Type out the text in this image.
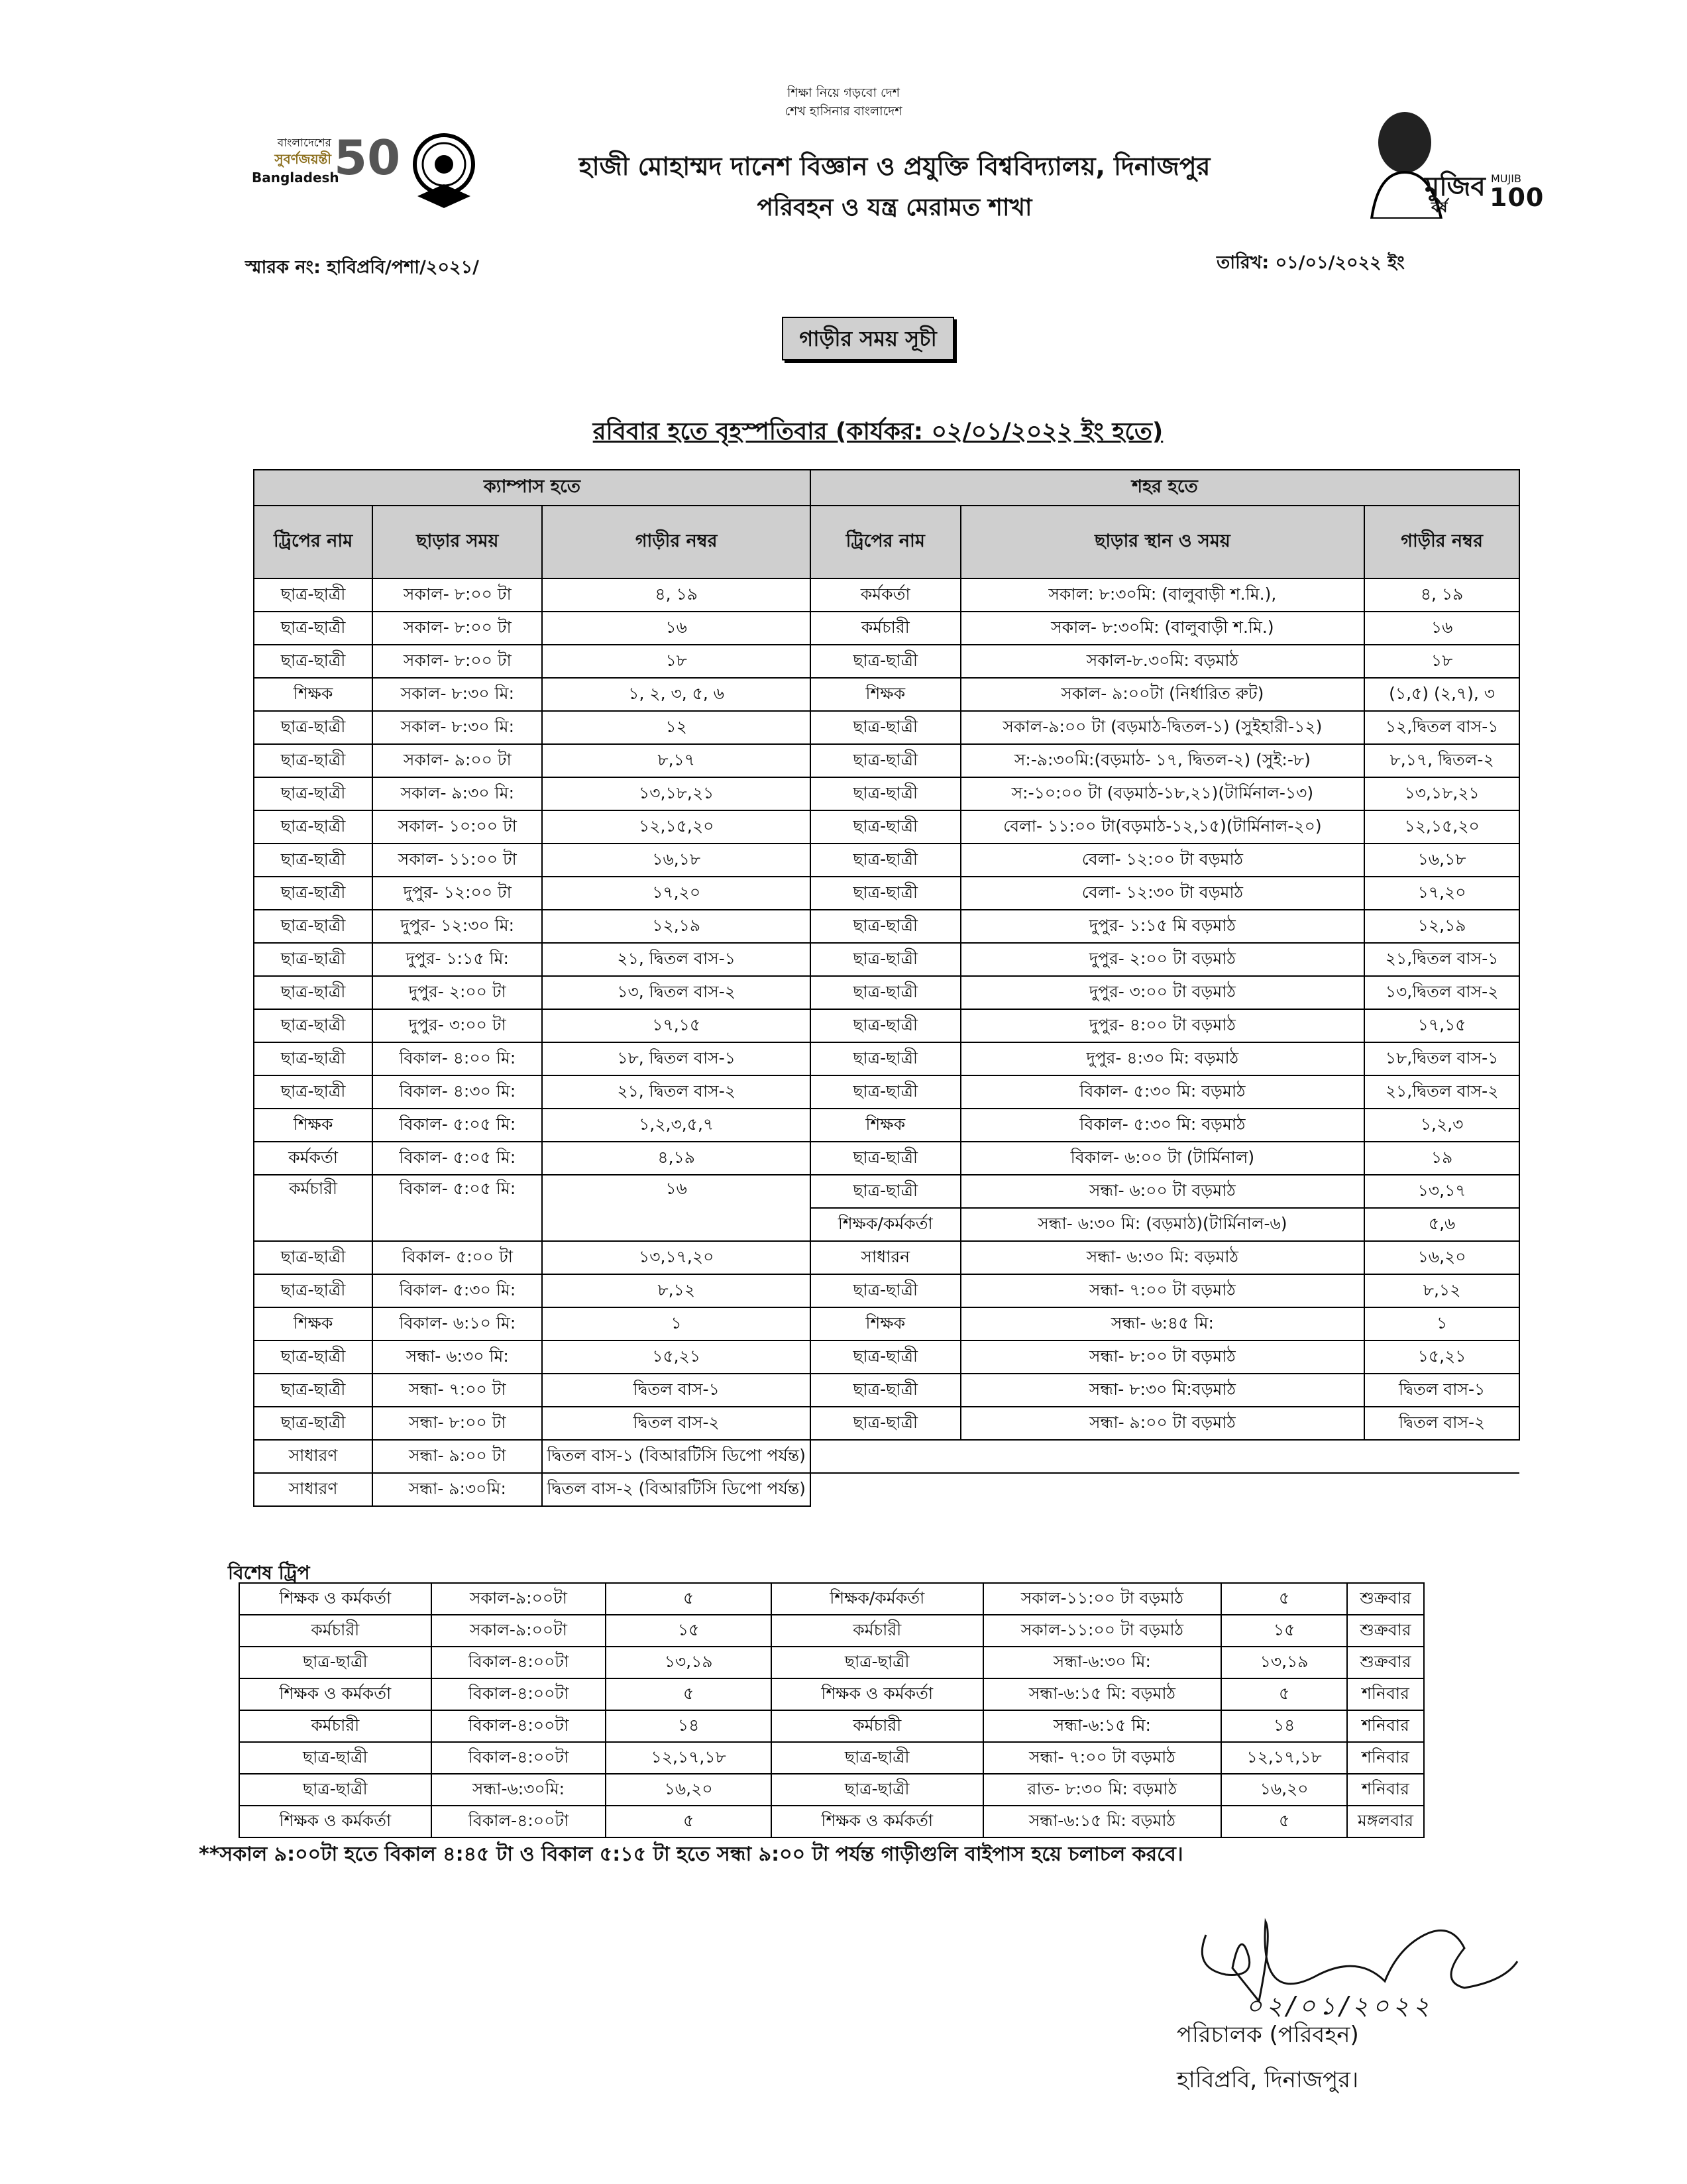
শিক্ষা নিয়ে গড়বো দেশ
শেখ হাসিনার বাংলাদেশ
বাংলাদেশের
সুবর্ণজয়ন্তী
Bangladesh
50	হাজী মোহাম্মদ দানেশ বিজ্ঞান ও প্রযুক্তি বিশ্ববিদ্যালয়, দিনাজপুর
পরিবহন ও যন্ত্র মেরামত শাখা
মুজিব
বর্ষ
MUJIB
100
স্মারক নং: হাবিপ্রবি/পশা/২০২১/	তারিখ: ০১/০১/২০২২ ইং
গাড়ীর সময় সূচী
রবিবার হতে বৃহস্পতিবার (কার্যকর: ০২/০১/২০২২ ইং হতে)
ক্যাম্পাস হতে			শহর হতে		
ট্রিপের নাম	ছাড়ার সময়	গাড়ীর নম্বর	ট্রিপের নাম	ছাড়ার স্থান ও সময়	গাড়ীর নম্বর
ছাত্র-ছাত্রী	সকাল- ৮:০০ টা	৪, ১৯	কর্মকর্তা	সকাল: ৮:৩০মি: (বালুবাড়ী শ.মি.),	৪, ১৯
ছাত্র-ছাত্রী	সকাল- ৮:০০ টা	১৬	কর্মচারী	সকাল- ৮:৩০মি: (বালুবাড়ী শ.মি.)	১৬
ছাত্র-ছাত্রী	সকাল- ৮:০০ টা	১৮	ছাত্র-ছাত্রী	সকাল-৮.৩০মি: বড়মাঠ	১৮
শিক্ষক	সকাল- ৮:৩০ মি:	১, ২, ৩, ৫, ৬	শিক্ষক	সকাল- ৯:০০টা (নির্ধারিত রুট)	(১,৫) (২,৭), ৩
ছাত্র-ছাত্রী	সকাল- ৮:৩০ মি:	১২	ছাত্র-ছাত্রী	সকাল-৯:০০ টা (বড়মাঠ-দ্বিতল-১) (সুইহারী-১২)	১২,দ্বিতল বাস-১
ছাত্র-ছাত্রী	সকাল- ৯:০০ টা	৮,১৭	ছাত্র-ছাত্রী	স:-৯:৩০মি:(বড়মাঠ- ১৭, দ্বিতল-২) (সুই:-৮)	৮,১৭, দ্বিতল-২
ছাত্র-ছাত্রী	সকাল- ৯:৩০ মি:	১৩,১৮,২১	ছাত্র-ছাত্রী	স:-১০:০০ টা (বড়মাঠ-১৮,২১)(টার্মিনাল-১৩)	১৩,১৮,২১
ছাত্র-ছাত্রী	সকাল- ১০:০০ টা	১২,১৫,২০	ছাত্র-ছাত্রী	বেলা- ১১:০০ টা(বড়মাঠ-১২,১৫)(টার্মিনাল-২০)	১২,১৫,২০
ছাত্র-ছাত্রী	সকাল- ১১:০০ টা	১৬,১৮	ছাত্র-ছাত্রী	বেলা- ১২:০০ টা বড়মাঠ	১৬,১৮
ছাত্র-ছাত্রী	দুপুর- ১২:০০ টা	১৭,২০	ছাত্র-ছাত্রী	বেলা- ১২:৩০ টা বড়মাঠ	১৭,২০
ছাত্র-ছাত্রী	দুপুর- ১২:৩০ মি:	১২,১৯	ছাত্র-ছাত্রী	দুপুর- ১:১৫ মি বড়মাঠ	১২,১৯
ছাত্র-ছাত্রী	দুপুর- ১:১৫ মি:	২১, দ্বিতল বাস-১	ছাত্র-ছাত্রী	দুপুর- ২:০০ টা বড়মাঠ	২১,দ্বিতল বাস-১
ছাত্র-ছাত্রী	দুপুর- ২:০০ টা	১৩, দ্বিতল বাস-২	ছাত্র-ছাত্রী	দুপুর- ৩:০০ টা বড়মাঠ	১৩,দ্বিতল বাস-২
ছাত্র-ছাত্রী	দুপুর- ৩:০০ টা	১৭,১৫	ছাত্র-ছাত্রী	দুপুর- ৪:০০ টা বড়মাঠ	১৭,১৫
ছাত্র-ছাত্রী	বিকাল- ৪:০০ মি:	১৮, দ্বিতল বাস-১	ছাত্র-ছাত্রী	দুপুর- ৪:৩০ মি: বড়মাঠ	১৮,দ্বিতল বাস-১
ছাত্র-ছাত্রী	বিকাল- ৪:৩০ মি:	২১, দ্বিতল বাস-২	ছাত্র-ছাত্রী	বিকাল- ৫:৩০ মি: বড়মাঠ	২১,দ্বিতল বাস-২
শিক্ষক	বিকাল- ৫:০৫ মি:	১,২,৩,৫,৭	শিক্ষক	বিকাল- ৫:৩০ মি: বড়মাঠ	১,২,৩
কর্মকর্তা	বিকাল- ৫:০৫ মি:	৪,১৯	ছাত্র-ছাত্রী	বিকাল- ৬:০০ টা (টার্মিনাল)	১৯
কর্মচারী	বিকাল- ৫:০৫ মি:	১৬	ছাত্র-ছাত্রী	সন্ধা- ৬:০০ টা বড়মাঠ	১৩,১৭
			শিক্ষক/কর্মকর্তা	সন্ধা- ৬:৩০ মি: (বড়মাঠ)(টার্মিনাল-৬)	৫,৬
ছাত্র-ছাত্রী	বিকাল- ৫:০০ টা	১৩,১৭,২০	সাধারন	সন্ধা- ৬:৩০ মি: বড়মাঠ	১৬,২০
ছাত্র-ছাত্রী	বিকাল- ৫:৩০ মি:	৮,১২	ছাত্র-ছাত্রী	সন্ধা- ৭:০০ টা বড়মাঠ	৮,১২
শিক্ষক	বিকাল- ৬:১০ মি:	১	শিক্ষক	সন্ধা- ৬:৪৫ মি:	১
ছাত্র-ছাত্রী	সন্ধা- ৬:৩০ মি:	১৫,২১	ছাত্র-ছাত্রী	সন্ধা- ৮:০০ টা বড়মাঠ	১৫,২১
ছাত্র-ছাত্রী	সন্ধা- ৭:০০ টা	দ্বিতল বাস-১	ছাত্র-ছাত্রী	সন্ধা- ৮:৩০ মি:বড়মাঠ	দ্বিতল বাস-১
ছাত্র-ছাত্রী	সন্ধা- ৮:০০ টা	দ্বিতল বাস-২	ছাত্র-ছাত্রী	সন্ধা- ৯:০০ টা বড়মাঠ	দ্বিতল বাস-২
সাধারণ	সন্ধা- ৯:০০ টা	দ্বিতল বাস-১ (বিআরটিসি ডিপো পর্যন্ত)			
সাধারণ	সন্ধা- ৯:৩০মি:	দ্বিতল বাস-২ (বিআরটিসি ডিপো পর্যন্ত)			
বিশেষ ট্রিপ
শিক্ষক ও কর্মকর্তা	সকাল-৯:০০টা	৫	শিক্ষক/কর্মকর্তা	সকাল-১১:০০ টা বড়মাঠ	৫	শুক্রবার
কর্মচারী	সকাল-৯:০০টা	১৫	কর্মচারী	সকাল-১১:০০ টা বড়মাঠ	১৫	শুক্রবার
ছাত্র-ছাত্রী	বিকাল-৪:০০টা	১৩,১৯	ছাত্র-ছাত্রী	সন্ধা-৬:৩০ মি:	১৩,১৯	শুক্রবার
শিক্ষক ও কর্মকর্তা	বিকাল-৪:০০টা	৫	শিক্ষক ও কর্মকর্তা	সন্ধা-৬:১৫ মি: বড়মাঠ	৫	শনিবার
কর্মচারী	বিকাল-৪:০০টা	১৪	কর্মচারী	সন্ধা-৬:১৫ মি:	১৪	শনিবার
ছাত্র-ছাত্রী	বিকাল-৪:০০টা	১২,১৭,১৮	ছাত্র-ছাত্রী	সন্ধা- ৭:০০ টা বড়মাঠ	১২,১৭,১৮	শনিবার
ছাত্র-ছাত্রী	সন্ধা-৬:৩০মি:	১৬,২০	ছাত্র-ছাত্রী	রাত- ৮:৩০ মি: বড়মাঠ	১৬,২০	শনিবার
শিক্ষক ও কর্মকর্তা	বিকাল-৪:০০টা	৫	শিক্ষক ও কর্মকর্তা	সন্ধা-৬:১৫ মি: বড়মাঠ	৫	মঙ্গলবার
**সকাল ৯:০০টা হতে বিকাল ৪:৪৫ টা ও বিকাল ৫:১৫ টা হতে সন্ধা ৯:০০ টা পর্যন্ত গাড়ীগুলি বাইপাস হয়ে চলাচল করবে।
০২/০১/২০২২
পরিচালক (পরিবহন)
হাবিপ্রবি, দিনাজপুর।
